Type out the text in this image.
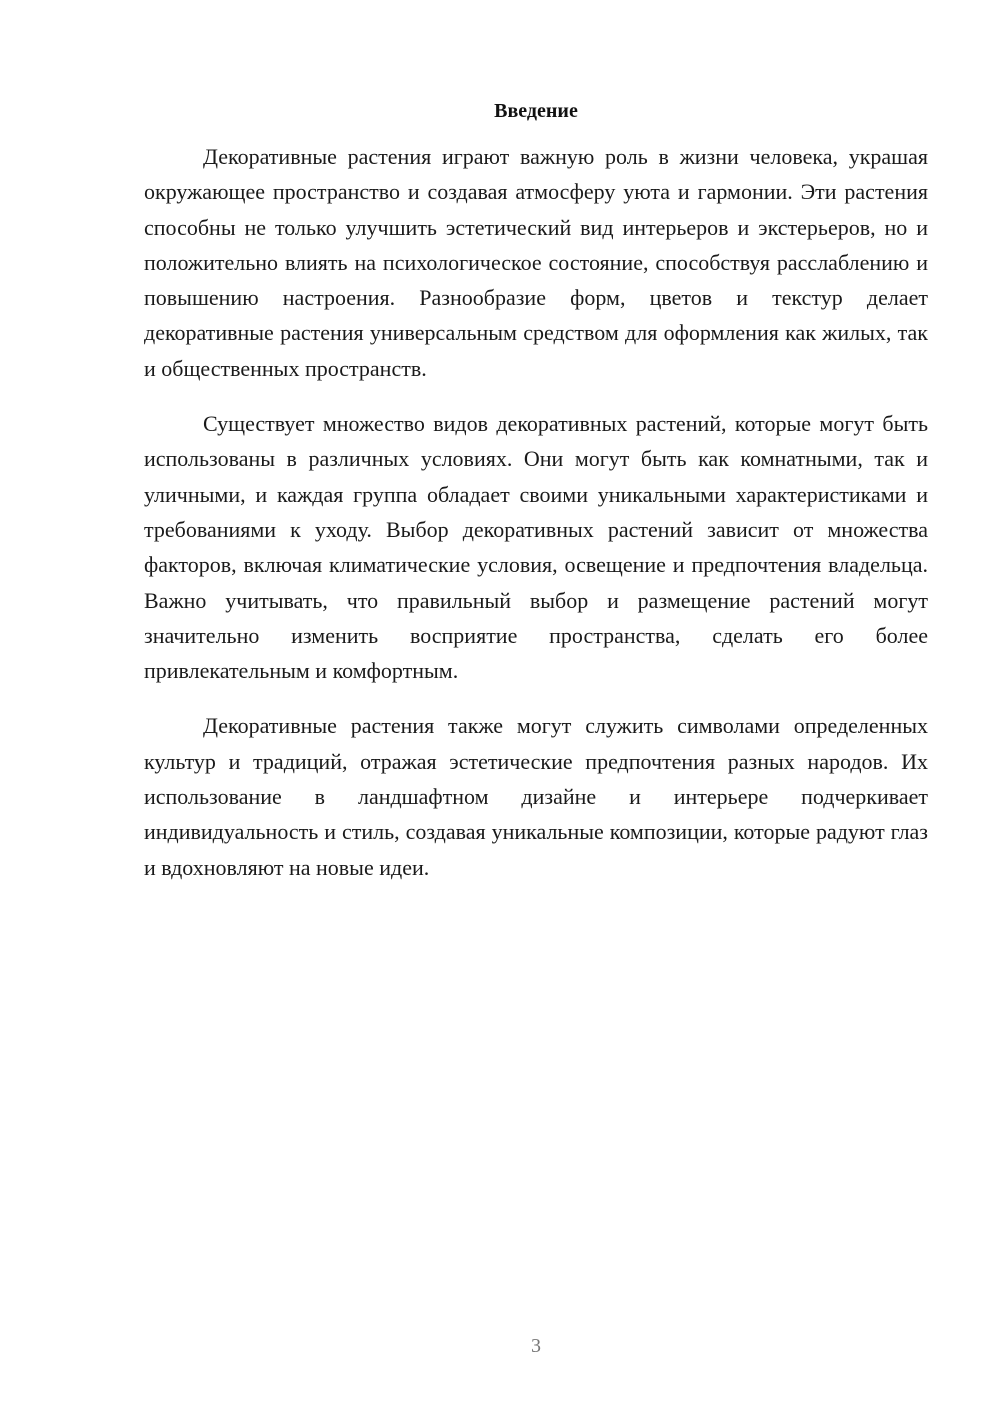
Введение

Декоративные растения играют важную роль в жизни человека, украшая окружающее пространство и создавая атмосферу уюта и гармонии. Эти растения способны не только улучшить эстетический вид интерьеров и экстерьеров, но и положительно влиять на психологическое состояние, способствуя расслаблению и повышению настроения. Разнообразие форм, цветов и текстур делает декоративные растения универсальным средством для оформления как жилых, так и общественных пространств.

Существует множество видов декоративных растений, которые могут быть использованы в различных условиях. Они могут быть как комнатными, так и уличными, и каждая группа обладает своими уникальными характеристиками и требованиями к уходу. Выбор декоративных растений зависит от множества факторов, включая климатические условия, освещение и предпочтения владельца. Важно учитывать, что правильный выбор и размещение растений могут значительно изменить восприятие пространства, сделать его более привлекательным и комфортным.

Декоративные растения также могут служить символами определенных культур и традиций, отражая эстетические предпочтения разных народов. Их использование в ландшафтном дизайне и интерьере подчеркивает индивидуальность и стиль, создавая уникальные композиции, которые радуют глаз и вдохновляют на новые идеи.

3
